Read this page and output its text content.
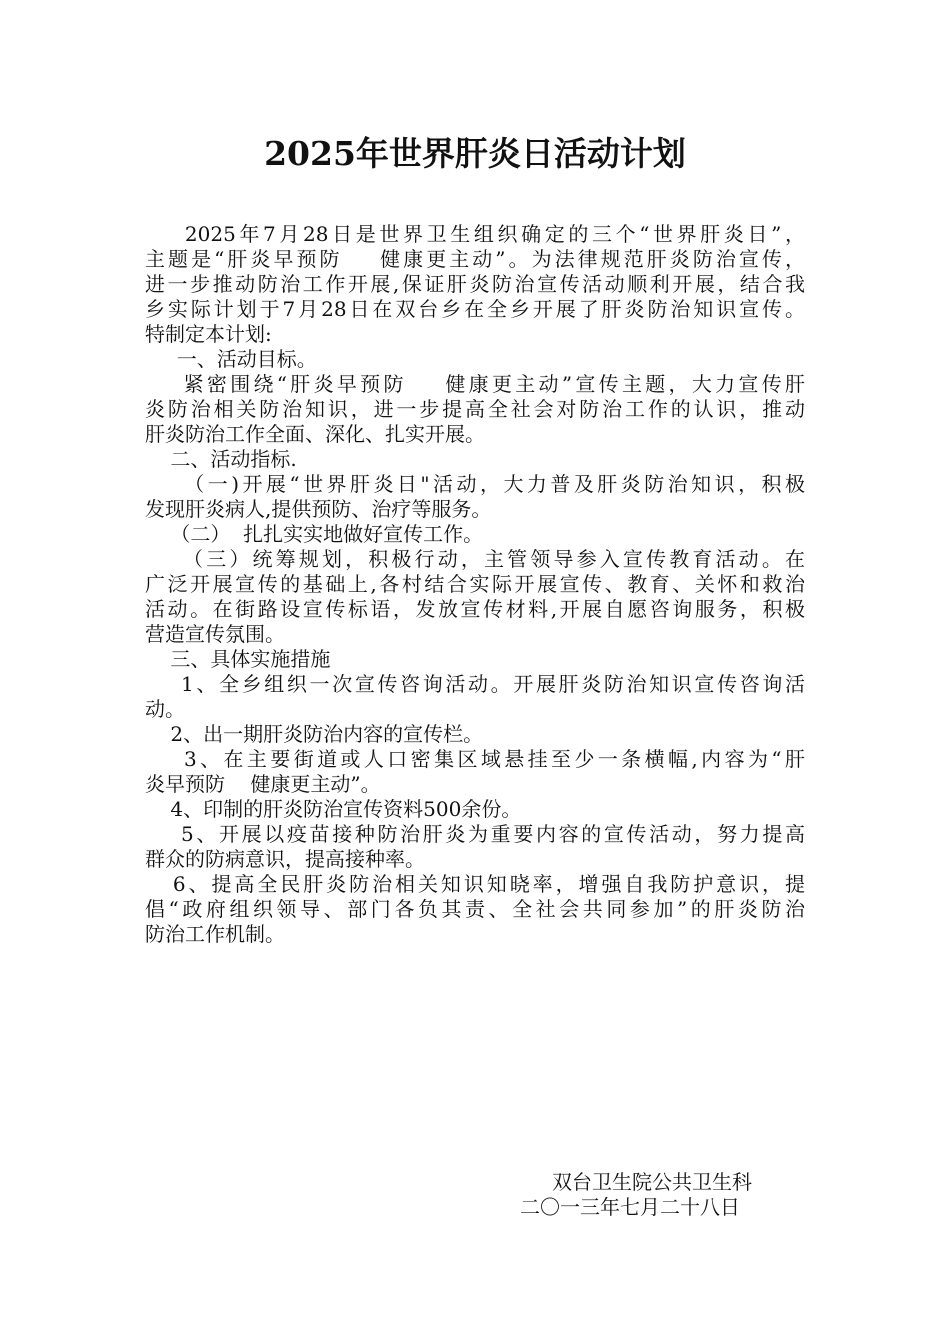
2025年世界肝炎日活动计划
2025年7月28日是世界卫生组织确定的三个“世界肝炎日”，
主题是“肝炎早预防    健康更主动”。为法律规范肝炎防治宣传，
进一步推动防治工作开展,保证肝炎防治宣传活动顺利开展，结合我
乡实际计划于7月28日在双台乡在全乡开展了肝炎防治知识宣传。
特制定本计划:
一、活动目标。
紧密围绕“肝炎早预防    健康更主动”宣传主题，大力宣传肝
炎防治相关防治知识，进一步提高全社会对防治工作的认识，推动
肝炎防治工作全面、深化、扎实开展。
二、活动指标.
（一)开展“世界肝炎日"活动，大力普及肝炎防治知识，积极
发现肝炎病人,提供预防、治疗等服务。
（二）  扎扎实实地做好宣传工作。
（三）统筹规划，积极行动，主管领导参入宣传教育活动。在
广泛开展宣传的基础上,各村结合实际开展宣传、教育、关怀和救治
活动。在街路设宣传标语，发放宣传材料,开展自愿咨询服务，积极
营造宣传氛围。
三、具体实施措施
1、全乡组织一次宣传咨询活动。开展肝炎防治知识宣传咨询活
动。
2、出一期肝炎防治内容的宣传栏。
3、在主要街道或人口密集区域悬挂至少一条横幅,内容为“肝
炎早预防    健康更主动”。
4、印制的肝炎防治宣传资料500余份。
5、开展以疫苗接种防治肝炎为重要内容的宣传活动，努力提高
群众的防病意识，提高接种率。
6、提高全民肝炎防治相关知识知晓率，增强自我防护意识，提
倡“政府组织领导、部门各负其责、全社会共同参加”的肝炎防治
防治工作机制。
双台卫生院公共卫生科
二〇一三年七月二十八日
